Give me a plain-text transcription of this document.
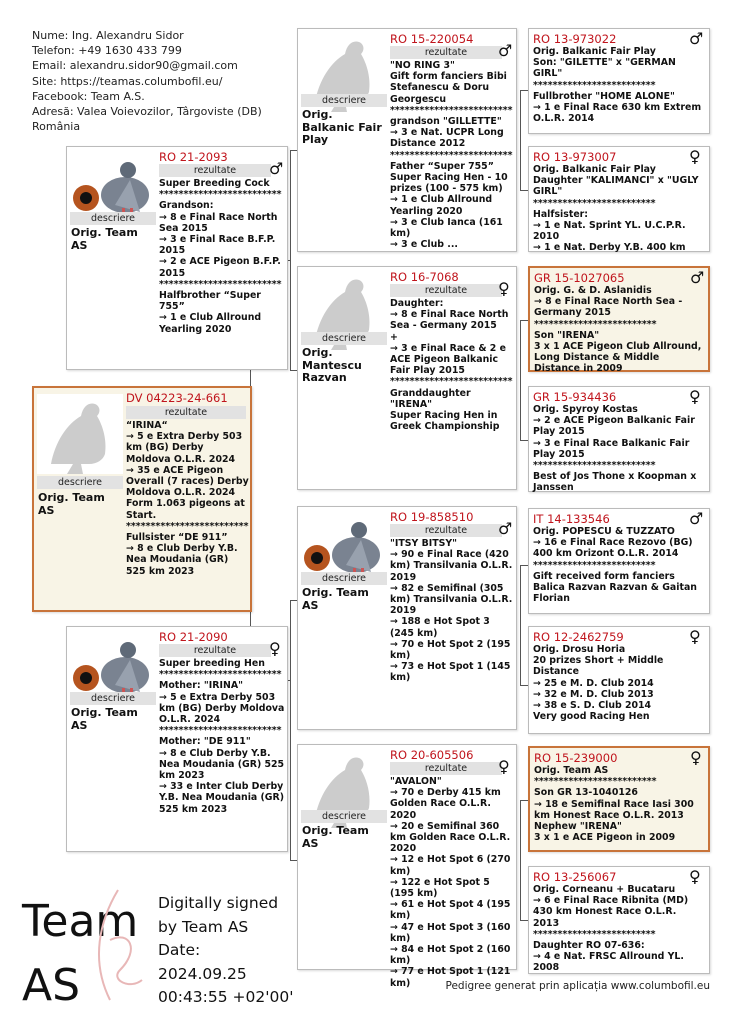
Nume: Ing. Alexandru Sidor
Telefon: +49 1630 433 799
Email: alexandru.sidor90@gmail.com
Site: https://teamas.columbofil.eu/
Facebook: Team A.S.
Adresă: Valea Voievozilor, Târgoviste (DB)
România
descriere
Orig. Team AS
DV 04223-24-661
rezultate
“IRINA“
→ 5 e Extra Derby 503 km (BG) Derby Moldova O.L.R. 2024
→ 35 e ACE Pigeon Overall (7 races) Derby Moldova O.L.R. 2024
Form 1.063 pigeons at Start.
*************************
Fullsister “DE 911”
→ 8 e Club Derby Y.B. Nea Moudania (GR) 525 km 2023
descriere
Orig. Team AS
RO 21-2093
rezultate	♂
Super Breeding Cock
*************************
Grandson:
→ 8 e Final Race North Sea 2015
→ 3 e Final Race B.F.P. 2015
→ 2 e ACE Pigeon B.F.P. 2015
*************************
Halfbrother “Super 755”
→ 1 e Club Allround Yearling 2020
descriere
Orig. Team AS
RO 21-2090
rezultate	♀
Super breeding Hen
*************************
Mother: "IRINA"
→ 5 e Extra Derby 503 km (BG) Derby Moldova O.L.R. 2024
*************************
Mother: "DE 911"
→ 8 e Club Derby Y.B. Nea Moudania (GR) 525 km 2023
→ 33 e Inter Club Derby Y.B. Nea Moudania (GR) 525 km 2023
descriere
Orig. Balkanic Fair Play
RO 15-220054
rezultate	♂
"NO RING 3"
Gift form fanciers Bibi Stefanescu & Doru Georgescu
*************************
grandson "GILLETTE"
→ 3 e Nat. UCPR Long Distance 2012
*************************
Father “Super 755”
Super Racing Hen - 10 prizes (100 - 575 km)
→ 1 e Club Allround Yearling 2020
→ 3 e Club Ianca (161 km)
→ 3 e Club ...
descriere
Orig. Mantescu Razvan
RO 16-7068
rezultate	♀
Daughter:
→ 8 e Final Race North Sea - Germany 2015
+
→ 3 e Final Race & 2 e ACE Pigeon Balkanic Fair Play 2015
*************************
Granddaughter "IRENA"
Super Racing Hen in Greek Championship
descriere
Orig. Team AS
RO 19-858510
rezultate	♂
"ITSY BITSY"
→ 90 e Final Race (420 km) Transilvania O.L.R. 2019
→ 82 e Semifinal (305 km) Transilvania O.L.R. 2019
→ 188 e Hot Spot 3 (245 km)
→ 70 e Hot Spot 2 (195 km)
→ 73 e Hot Spot 1 (145 km)
descriere
Orig. Team AS
RO 20-605506
rezultate	♀
"AVALON"
→ 70 e Derby 415 km Golden Race O.L.R. 2020
→ 20 e Semifinal 360 km Golden Race O.L.R. 2020
→ 12 e Hot Spot 6 (270 km)
→ 122 e Hot Spot 5 (195 km)
→ 61 e Hot Spot 4 (195 km)
→ 47 e Hot Spot 3 (160 km)
→ 84 e Hot Spot 2 (160 km)
→ 77 e Hot Spot 1 (121 km)
RO 13-973022	♂
Orig. Balkanic Fair Play
Son: "GILETTE" x "GERMAN GIRL"
*************************
Fullbrother "HOME ALONE"
→ 1 e Final Race 630 km Extrem O.L.R. 2014
RO 13-973007	♀
Orig. Balkanic Fair Play
Daughter "KALIMANCI" x "UGLY GIRL"
*************************
Halfsister:
→ 1 e Nat. Sprint YL. U.C.P.R. 2010
→ 1 e Nat. Derby Y.B. 400 km
GR 15-1027065	♂
Orig. G. & D. Aslanidis
→ 8 e Final Race North Sea - Germany 2015
*************************
Son "IRENA"
3 x 1 ACE Pigeon Club Allround, Long Distance & Middle Distance in 2009
GR 15-934436	♀
Orig. Spyroy Kostas
→ 2 e ACE Pigeon Balkanic Fair Play 2015
→ 3 e Final Race Balkanic Fair Play 2015
*************************
Best of Jos Thone x Koopman x Janssen
IT 14-133546	♂
Orig. POPESCU & TUZZATO
→ 16 e Final Race Rezovo (BG) 400 km Orizont O.L.R. 2014
*************************
Gift received form fanciers Balica Razvan Razvan & Gaitan Florian
RO 12-2462759	♀
Orig. Drosu Horia
20 prizes Short + Middle Distance
→ 25 e M. D. Club 2014
→ 32 e M. D. Club 2013
→ 38 e S. D. Club 2014
Very good Racing Hen
RO 15-239000	♀
Orig. Team AS
*************************
Son GR 13-1040126
→ 18 e Semifinal Race Iasi 300 km Honest Race O.L.R. 2013
Nephew "IRENA"
3 x 1 e ACE Pigeon in 2009
RO 13-256067	♀
Orig. Corneanu + Bucataru
→ 6 e Final Race Ribnita (MD) 430 km Honest Race O.L.R. 2013
*************************
Daughter RO 07-636:
→ 4 e Nat. FRSC Allround YL. 2008
Team AS
Digitally signed
by Team AS
Date:
2024.09.25
00:43:55 +02'00'
Pedigree generat prin aplicația www.columbofil.eu
